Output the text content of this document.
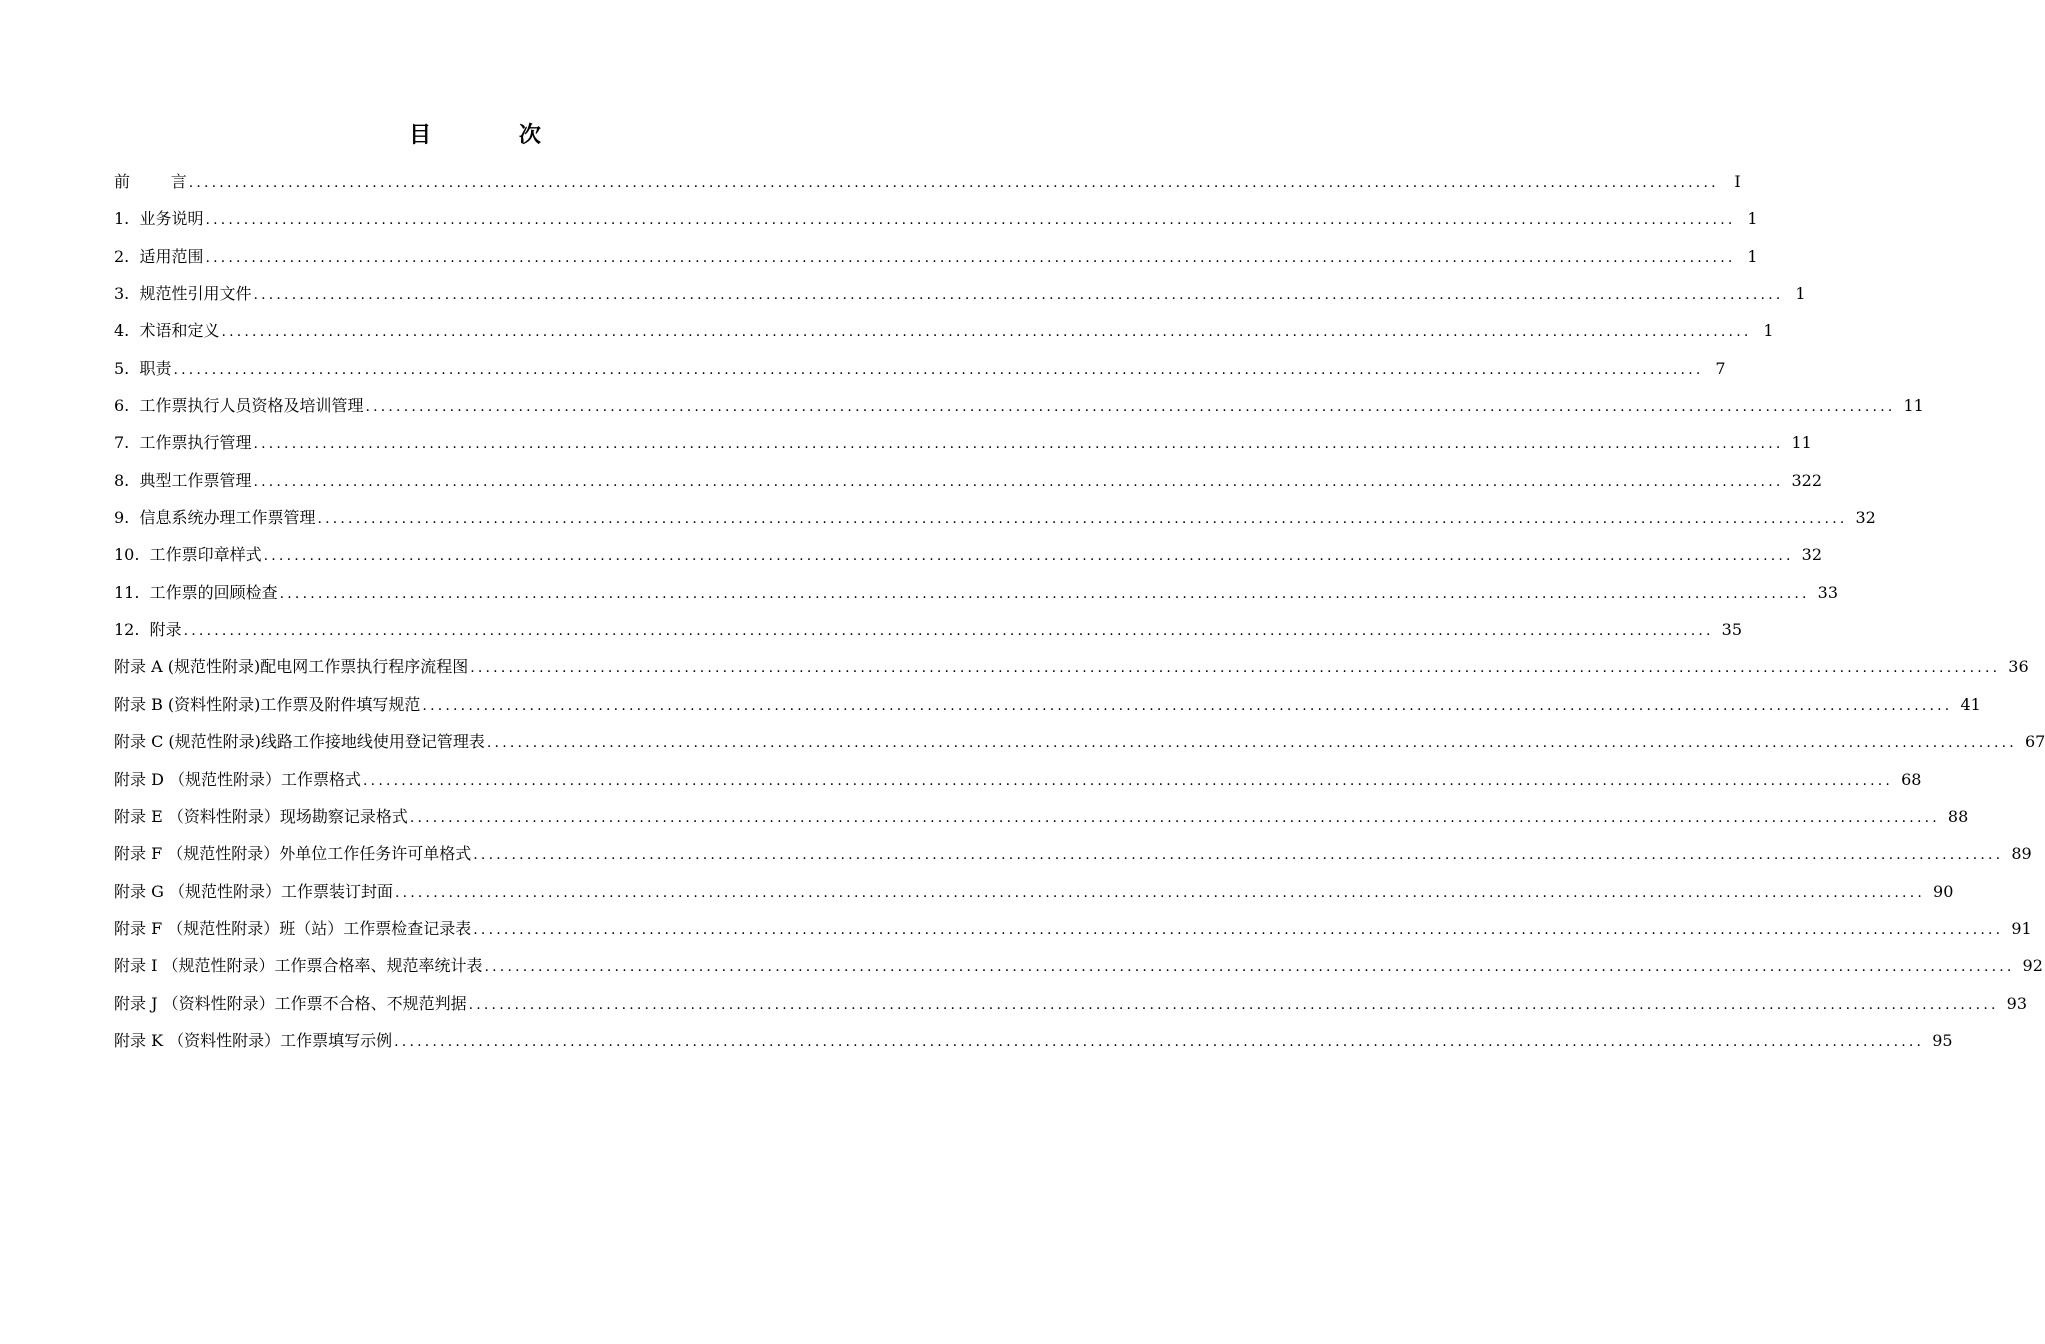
目 次
前        言 ........................................................................................................................................................................................................ I
1.  业务说明 ........................................................................................................................................................................................................ 1
2.  适用范围 ........................................................................................................................................................................................................ 1
3.  规范性引用文件 ........................................................................................................................................................................................................ 1
4.  术语和定义 ........................................................................................................................................................................................................ 1
5.  职责 ........................................................................................................................................................................................................ 7
6.  工作票执行人员资格及培训管理 ........................................................................................................................................................................................................ 11
7.  工作票执行管理 ........................................................................................................................................................................................................ 11
8.  典型工作票管理 ........................................................................................................................................................................................................ 322
9.  信息系统办理工作票管理 ........................................................................................................................................................................................................ 32
10.  工作票印章样式 ........................................................................................................................................................................................................ 32
11.  工作票的回顾检查 ........................................................................................................................................................................................................ 33
12.  附录 ........................................................................................................................................................................................................ 35
附录 A (规范性附录)配电网工作票执行程序流程图 ........................................................................................................................................................................................................ 36
附录 B (资料性附录)工作票及附件填写规范 ........................................................................................................................................................................................................ 41
附录 C (规范性附录)线路工作接地线使用登记管理表 ........................................................................................................................................................................................................ 67
附录 D （规范性附录）工作票格式 ........................................................................................................................................................................................................ 68
附录 E （资料性附录）现场勘察记录格式 ........................................................................................................................................................................................................ 88
附录 F （规范性附录）外单位工作任务许可单格式 ........................................................................................................................................................................................................ 89
附录 G （规范性附录）工作票装订封面 ........................................................................................................................................................................................................ 90
附录 F （规范性附录）班（站）工作票检查记录表 ........................................................................................................................................................................................................ 91
附录 I （规范性附录）工作票合格率、规范率统计表 ........................................................................................................................................................................................................ 92
附录 J （资料性附录）工作票不合格、不规范判据 ........................................................................................................................................................................................................ 93
附录 K （资料性附录）工作票填写示例 ........................................................................................................................................................................................................ 95
